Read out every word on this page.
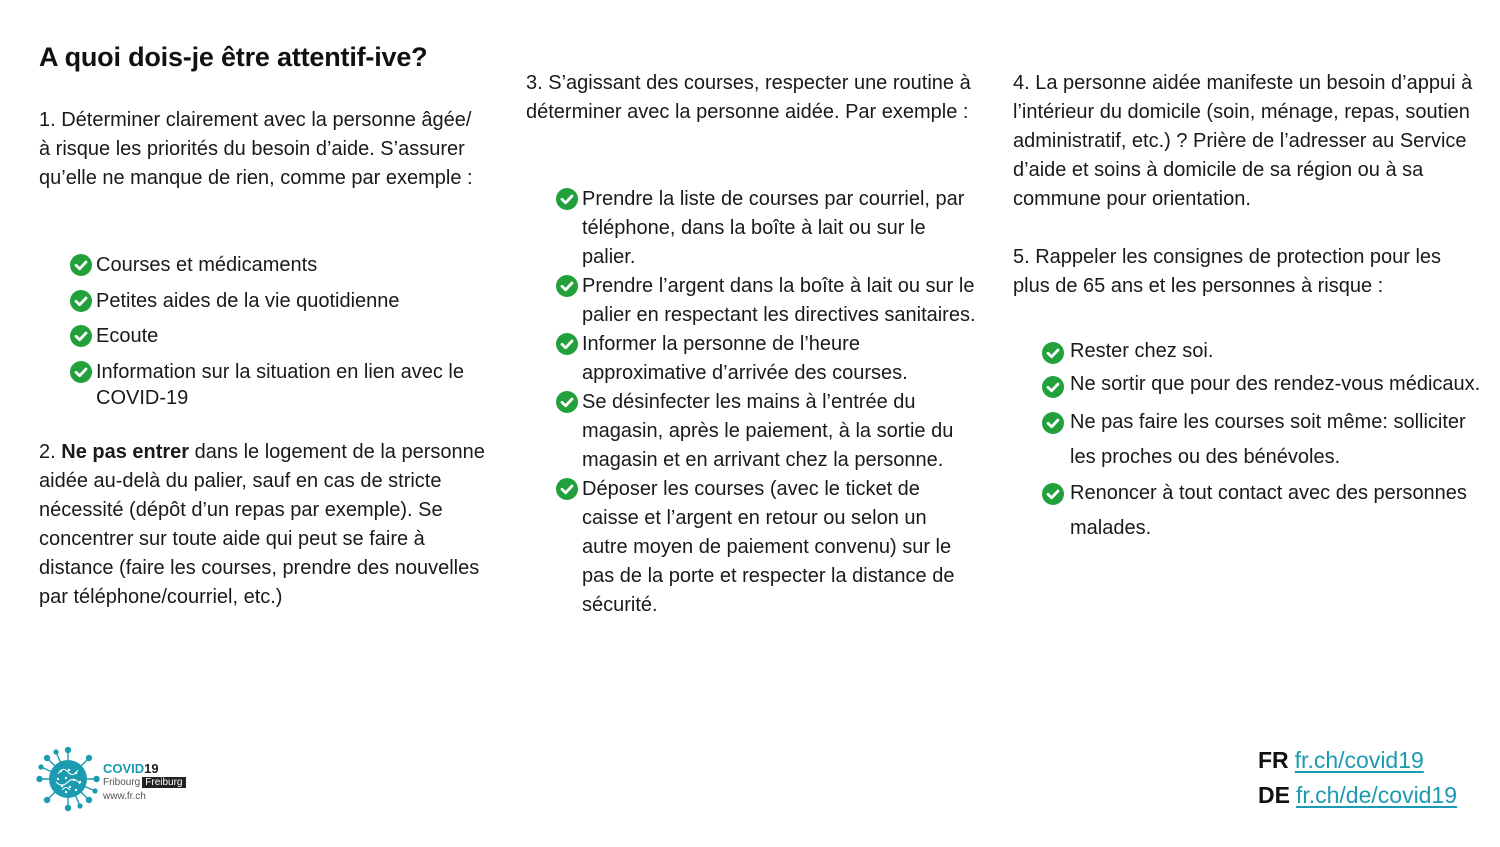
A quoi dois-je être attentif-ive?
1. Déterminer clairement avec la personne âgée/à risque les priorités du besoin d’aide. S’assurer qu’elle ne manque de rien, comme par exemple :
Courses et médicaments
Petites aides de la vie quotidienne
Ecoute
Information sur la situation en lien avec le COVID-19
2. Ne pas entrer dans le logement de la personne aidée au-delà du palier, sauf en cas de stricte nécessité (dépôt d’un repas par exemple). Se concentrer sur toute aide qui peut se faire à distance (faire les courses, prendre des nouvelles par téléphone/courriel, etc.)
3. S’agissant des courses, respecter une routine à déterminer avec la personne aidée. Par exemple :
Prendre la liste de courses par courriel, par téléphone, dans la boîte à lait ou sur le palier.
Prendre l’argent dans la boîte à lait ou sur le palier en respectant les directives sanitaires.
Informer la personne de l’heure approximative d’arrivée des courses.
Se désinfecter les mains à l’entrée du magasin, après le paiement, à la sortie du magasin et en arrivant chez la personne.
Déposer les courses (avec le ticket de caisse et l’argent en retour ou selon un autre moyen de paiement convenu) sur le pas de la porte et respecter la distance de sécurité.
4. La personne aidée manifeste un besoin d’appui à l’intérieur du domicile (soin, ménage, repas, soutien administratif, etc.) ? Prière de l’adresser au Service d’aide et soins à domicile de sa région ou à sa commune pour orientation.
5. Rappeler les consignes de protection pour les plus de 65 ans et les personnes à risque :
Rester chez soi.
Ne sortir que pour des rendez-vous médicaux.
Ne pas faire les courses soit même: solliciter les proches ou des bénévoles.
Renoncer à tout contact avec des personnes malades.
COVID19
Fribourg Freiburg
www.fr.ch
FR fr.ch/covid19
DE fr.ch/de/covid19
